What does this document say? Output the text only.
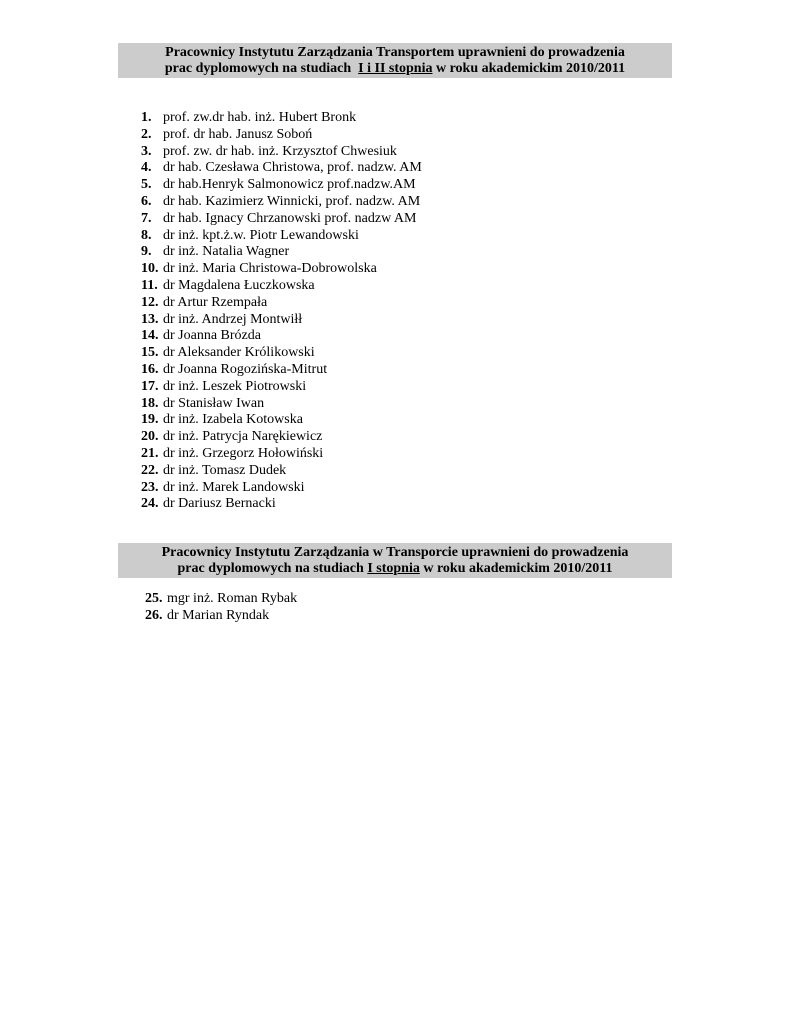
Pracownicy Instytutu Zarządzania Transportem uprawnieni do prowadzenia
prac dyplomowych na studiach I i II stopnia w roku akademickim 2010/2011
1. prof. zw.dr hab. inż. Hubert Bronk
2.prof. dr hab. Janusz Soboń
3. prof. zw. dr hab. inż. Krzysztof Chwesiuk
4. dr hab. Czesława Christowa, prof. nadzw. AM
5. dr hab.Henryk Salmonowicz prof.nadzw.AM
6. dr hab. Kazimierz Winnicki, prof. nadzw. AM
7. dr hab. Ignacy Chrzanowski prof. nadzw AM
8. dr inż. kpt.ż.w. Piotr Lewandowski
9. dr inż. Natalia Wagner
10. dr inż. Maria Christowa-Dobrowolska
11. dr Magdalena Łuczkowska
12. dr Artur Rzempała
13. dr inż. Andrzej Montwiłł
14. dr Joanna Brózda
15. dr Aleksander Królikowski
16. dr Joanna Rogozińska-Mitrut
17. dr inż. Leszek Piotrowski
18. dr Stanisław Iwan
19. dr inż. Izabela Kotowska
20. dr inż. Patrycja Narękiewicz
21. dr inż. Grzegorz Hołowiński
22. dr inż. Tomasz Dudek
23. dr inż. Marek Landowski
24. dr Dariusz Bernacki
Pracownicy Instytutu Zarządzania w Transporcie uprawnieni do prowadzenia
prac dyplomowych na studiach I stopnia w roku akademickim 2010/2011
25. mgr inż. Roman Rybak
26. dr Marian Ryndak
